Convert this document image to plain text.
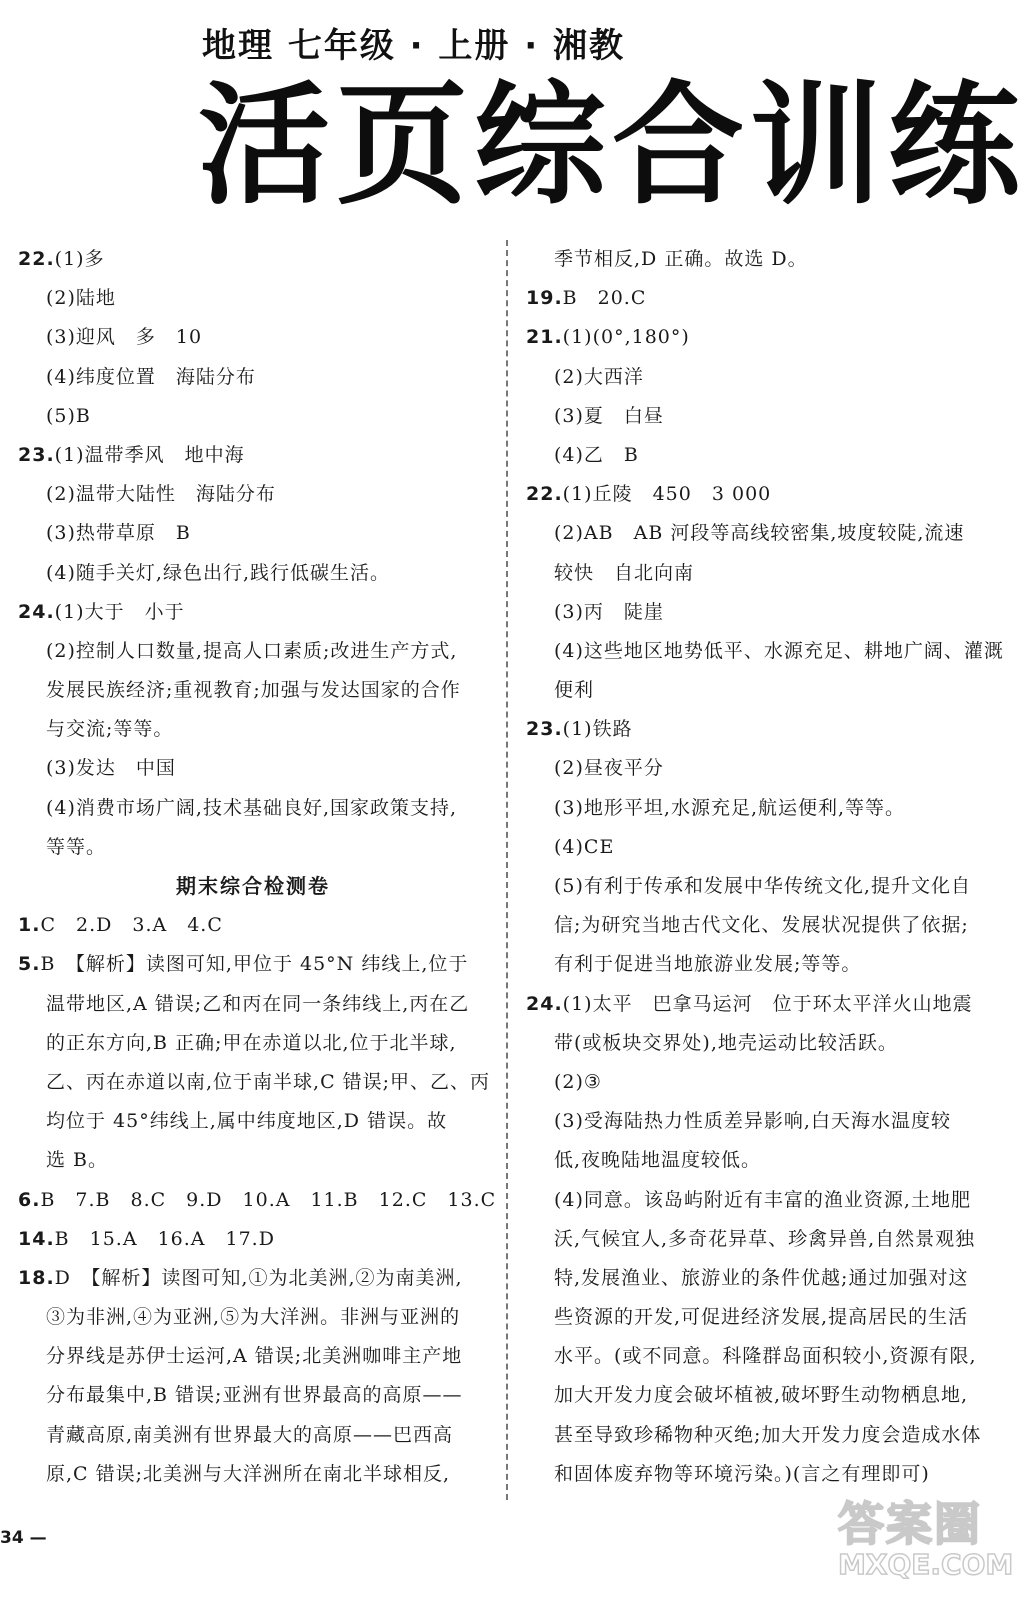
地理 七年级 · 上册 · 湘教
活页综合训练
22.(1)多
(2)陆地
(3)迎风　多　10
(4)纬度位置　海陆分布
(5)B
23.(1)温带季风　地中海
(2)温带大陆性　海陆分布
(3)热带草原　B
(4)随手关灯,绿色出行,践行低碳生活。
24.(1)大于　小于
(2)控制人口数量,提高人口素质;改进生产方式,
发展民族经济;重视教育;加强与发达国家的合作
与交流;等等。
(3)发达　中国
(4)消费市场广阔,技术基础良好,国家政策支持,
等等。
期末综合检测卷
1.C　2.D　3.A　4.C
5.B　【解析】读图可知,甲位于 45°N 纬线上,位于
温带地区,A 错误;乙和丙在同一条纬线上,丙在乙
的正东方向,B 正确;甲在赤道以北,位于北半球,
乙、丙在赤道以南,位于南半球,C 错误;甲、乙、丙
均位于 45°纬线上,属中纬度地区,D 错误。故
选 B。
6.B　7.B　8.C　9.D　10.A　11.B　12.C　13.C
14.B　15.A　16.A　17.D
18.D　【解析】读图可知,①为北美洲,②为南美洲,
③为非洲,④为亚洲,⑤为大洋洲。非洲与亚洲的
分界线是苏伊士运河,A 错误;北美洲咖啡主产地
分布最集中,B 错误;亚洲有世界最高的高原——
青藏高原,南美洲有世界最大的高原——巴西高
原,C 错误;北美洲与大洋洲所在南北半球相反,
季节相反,D 正确。故选 D。
19.B　20.C
21.(1)(0°,180°)
(2)大西洋
(3)夏　白昼
(4)乙　B
22.(1)丘陵　450　3 000
(2)AB　AB 河段等高线较密集,坡度较陡,流速
较快　自北向南
(3)丙　陡崖
(4)这些地区地势低平、水源充足、耕地广阔、灌溉
便利
23.(1)铁路
(2)昼夜平分
(3)地形平坦,水源充足,航运便利,等等。
(4)CE
(5)有利于传承和发展中华传统文化,提升文化自
信;为研究当地古代文化、发展状况提供了依据;
有利于促进当地旅游业发展;等等。
24.(1)太平　巴拿马运河　位于环太平洋火山地震
带(或板块交界处),地壳运动比较活跃。
(2)③
(3)受海陆热力性质差异影响,白天海水温度较
低,夜晚陆地温度较低。
(4)同意。该岛屿附近有丰富的渔业资源,土地肥
沃,气候宜人,多奇花异草、珍禽异兽,自然景观独
特,发展渔业、旅游业的条件优越;通过加强对这
些资源的开发,可促进经济发展,提高居民的生活
水平。(或不同意。科隆群岛面积较小,资源有限,
加大开发力度会破坏植被,破坏野生动物栖息地,
甚至导致珍稀物种灭绝;加大开发力度会造成水体
和固体废弃物等环境污染。)(言之有理即可)
34 —	答案圈
MXQE.COM
